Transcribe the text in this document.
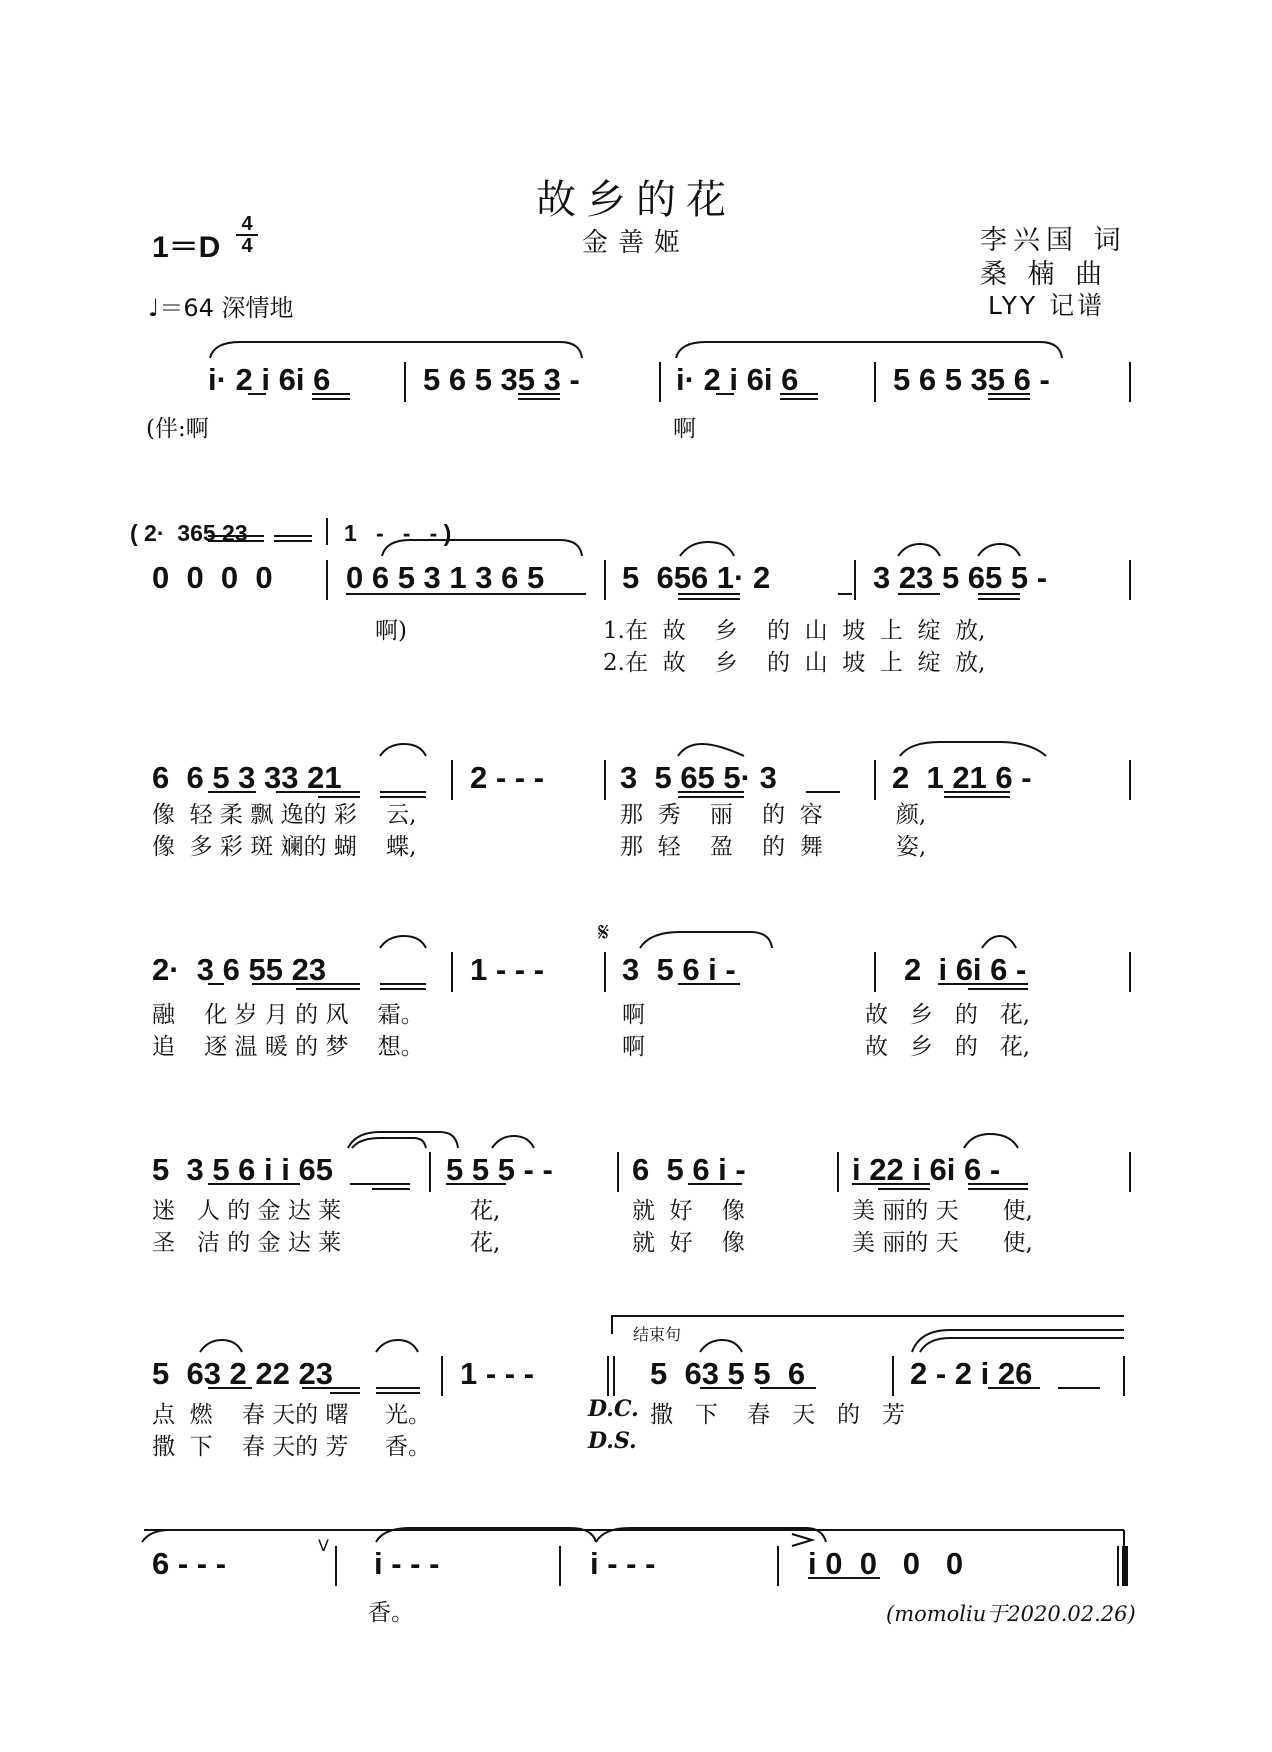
故乡的花
金善姬	李兴国 词
桑 楠 曲
LYY 记谱
1＝D
4
4
♩＝64 深情地
i· 2 i 6i 6	5 6 5 35 3 -	i· 2 i 6i 6	5 6 5 35 6 -
(伴:啊	啊
( 2·  365 23	1   -   -   - )
0  0  0  0 0 6 5 3 1 3 6 5	5  656 1· 2	3 23 5 65 5 -
啊)	1.在  故    乡    的  山  坡  上  绽  放,
2.在  故    乡    的  山  坡  上  绽  放,
6  6 5 3 33 21	2 - - - 3  5 65 5· 3	2  1 21 6 -
像  轻 柔 飘 逸的 彩    云,	那  秀    丽    的  容          颜,
像  多 彩 斑 斓的 蝴    蝶,	那  轻    盈    的  舞          姿,
2·  3 6 55 23	1 - - -	3  5 6 i -	2  i 6i 6 -
融    化 岁 月 的 风    霜。	啊	故   乡   的   花,
追    逐 温 暖 的 梦    想。	啊	故   乡   的   花,
5  3 5 6 i i 65	5 5 5 - -	6  5 6 i -	i 22 i 6i 6 -
迷   人 的 金 达 莱	花,	就  好    像	美 丽的 天      使,
圣   洁 的 金 达 莱	花,	就  好    像	美 丽的 天      使,
5  63 2 22 23	1 - - -	5  63 5 5  6	2 - 2 i 26
点  燃    春 天的 曙     光。	D.C. 撒   下    春   天   的   芳
撒  下    春 天的 芳     香。	D.S.
6 - - -	i - - -	i - - -	i 0  0   0   0
香。
𝄋
结束句
V
(momoliu于2020.02.26)
